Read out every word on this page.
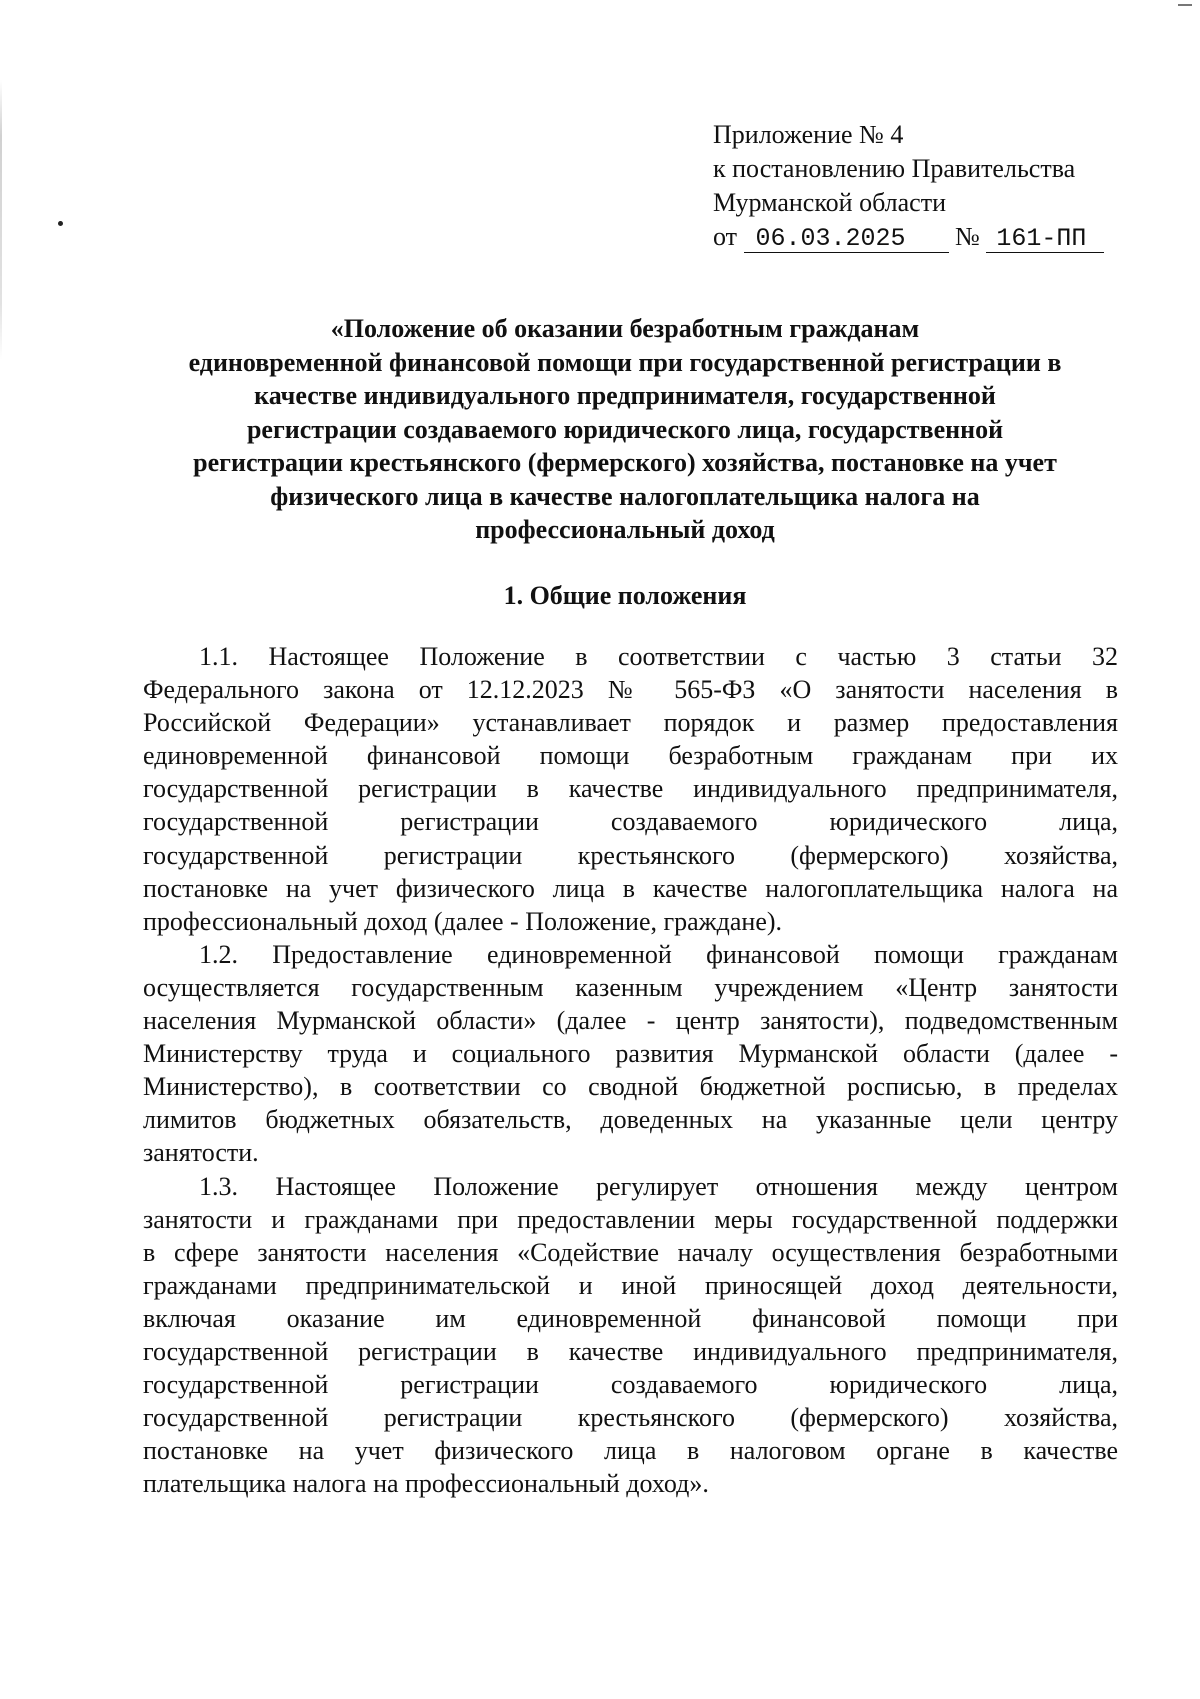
Приложение № 4
к постановлению Правительства
Мурманской области
от 06.03.2025 № 161-ПП
«Положение об оказании безработным гражданам
единовременной финансовой помощи при государственной регистрации в
качестве индивидуального предпринимателя, государственной
регистрации создаваемого юридического лица, государственной
регистрации крестьянского (фермерского) хозяйства, постановке на учет
физического лица в качестве налогоплательщика налога на
профессиональный доход
1. Общие положения
1.1. Настоящее Положение в соответствии с частью 3 статьи 32
Федерального закона от 12.12.2023 № 565-ФЗ «О занятости населения в
Российской Федерации» устанавливает порядок и размер предоставления
единовременной финансовой помощи безработным гражданам при их
государственной регистрации в качестве индивидуального предпринимателя,
государственной регистрации создаваемого юридического лица,
государственной регистрации крестьянского (фермерского) хозяйства,
постановке на учет физического лица в качестве налогоплательщика налога на
профессиональный доход (далее - Положение, граждане).
1.2. Предоставление единовременной финансовой помощи гражданам
осуществляется государственным казенным учреждением «Центр занятости
населения Мурманской области» (далее - центр занятости), подведомственным
Министерству труда и социального развития Мурманской области (далее -
Министерство), в соответствии со сводной бюджетной росписью, в пределах
лимитов бюджетных обязательств, доведенных на указанные цели центру
занятости.
1.3. Настоящее Положение регулирует отношения между центром
занятости и гражданами при предоставлении меры государственной поддержки
в сфере занятости населения «Содействие началу осуществления безработными
гражданами предпринимательской и иной приносящей доход деятельности,
включая оказание им единовременной финансовой помощи при
государственной регистрации в качестве индивидуального предпринимателя,
государственной регистрации создаваемого юридического лица,
государственной регистрации крестьянского (фермерского) хозяйства,
постановке на учет физического лица в налоговом органе в качестве
плательщика налога на профессиональный доход».
